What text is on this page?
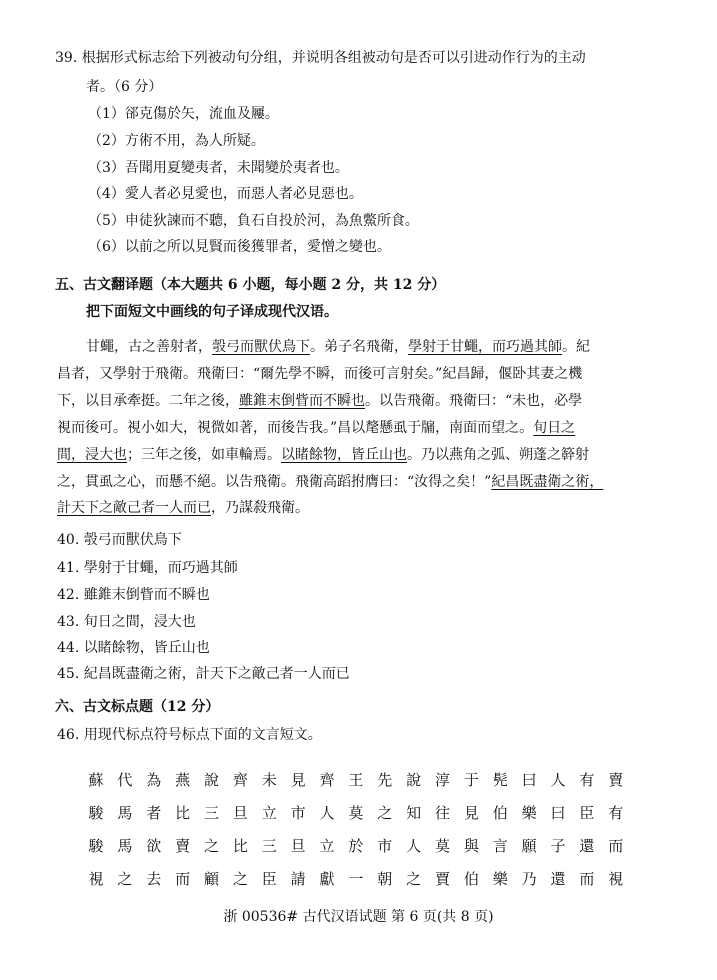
39. 根据形式标志给下列被动句分组，并说明各组被动句是否可以引进动作行为的主动
者。（6 分）
（1）郤克傷於矢，流血及屨。
（2）方術不用，為人所疑。
（3）吾聞用夏變夷者，未聞變於夷者也。
（4）愛人者必見愛也，而惡人者必見惡也。
（5）申徒狄諫而不聽，負石自投於河，為魚鱉所食。
（6）以前之所以見賢而後獲罪者，愛憎之變也。
五、古文翻译题（本大题共 6 小题，每小题 2 分，共 12 分）
把下面短文中画线的句子译成现代汉语。
甘蠅，古之善射者，彀弓而獸伏鳥下。弟子名飛衛，學射于甘蠅，而巧過其師。紀
昌者，又學射于飛衛。飛衛曰：“爾先學不瞬，而後可言射矣。”紀昌歸，偃卧其妻之機
下，以目承牽挺。二年之後，雖錐末倒眥而不瞬也。以告飛衛。飛衛曰：“未也，必學
視而後可。視小如大，視微如著，而後告我。”昌以氂懸虱于牖，南面而望之。旬日之
間，浸大也；三年之後，如車輪焉。以睹餘物，皆丘山也。乃以燕角之弧、朔蓬之簳射
之，貫虱之心，而懸不絕。以告飛衛。飛衛高蹈拊膺曰：“汝得之矣！”紀昌既盡衛之術，
計天下之敵己者一人而已，乃謀殺飛衛。
40. 彀弓而獸伏鳥下
41. 學射于甘蠅，而巧過其師
42. 雖錐末倒眥而不瞬也
43. 旬日之間，浸大也
44. 以睹餘物，皆丘山也
45. 紀昌既盡衛之術，計天下之敵己者一人而已
六、古文标点题（12 分）
46. 用现代标点符号标点下面的文言短文。
蘇 代 為 燕 說 齊 未 見 齊 王 先 說 淳 于 髡 曰 人 有 賣
駿 馬 者 比 三 旦 立 市 人 莫 之 知 往 見 伯 樂 曰 臣 有
駿 馬 欲 賣 之 比 三 旦 立 於 市 人 莫 與 言 願 子 還 而
視 之 去 而 顧 之 臣 請 獻 一 朝 之 賈 伯 樂 乃 還 而 視
浙 00536# 古代汉语试题 第 6 页(共 8 页)
